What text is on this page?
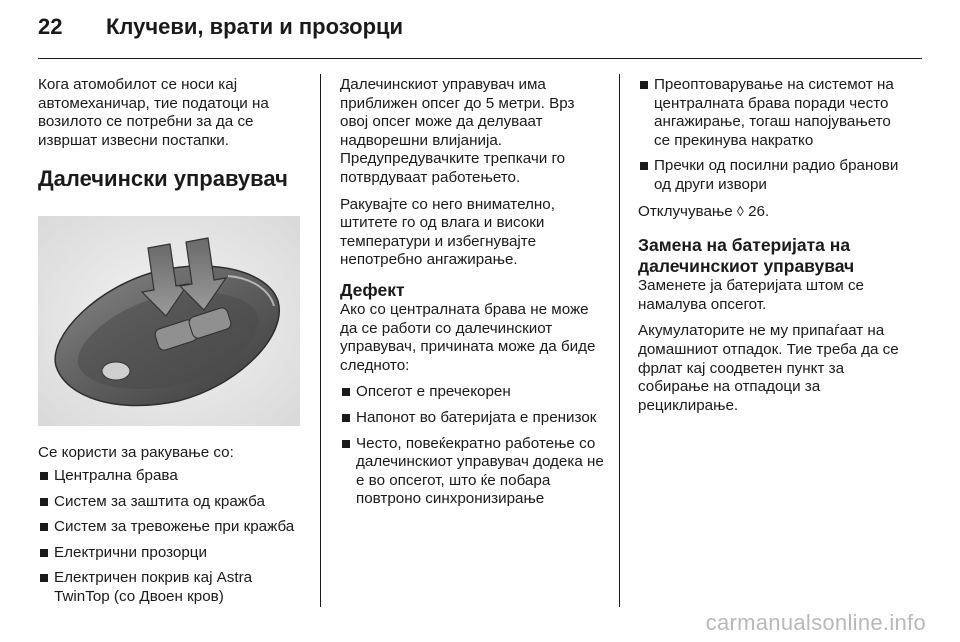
22	Клучеви, врати и прозорци

Кога атомобилот се носи кај автомеханичар, тие податоци на возилото се потребни за да се извршат извесни постапки.

Далечински управувач

Се користи за ракување со:

Централна брава
Систем за заштита од кражба
Систем за тревожење при кражба
Електрични прозорци
Електричен покрив кај Astra TwinTop (со Двоен кров)

Далечинскиот управувач има приближен опсег до 5 метри. Врз овој опсег може да делуваат надворешни влијанија. Предупредувачките трепкачи го потврдуваат работењето.

Ракувајте со него внимателно, штитете го од влага и високи температури и избегнувајте непотребно ангажирање.

Дефект

Ако со централната брава не може да се работи со далечинскиот управувач, причината може да биде следното:

Опсегот е пречекорен
Напонот во батеријата е пренизок
Често, повеќекратно работење со далечинскиот управувач додека не е во опсегот, што ќе побара повтроно синхронизирање
Преоптоварување на системот на централната брава поради често ангажирање, тогаш напојувањето се прекинува накратко
Пречки од посилни радио бранови од други извори

Отклучување ◊ 26.

Замена на батеријата на далечинскиот управувач

Заменете ја батеријата штом се намалува опсегот.

Акумулаторите не му припаѓаат на домашниот отпадок. Тие треба да се фрлат кај соодветен пункт за собирање на отпадоци за рециклирање.

carmanualsonline.info
